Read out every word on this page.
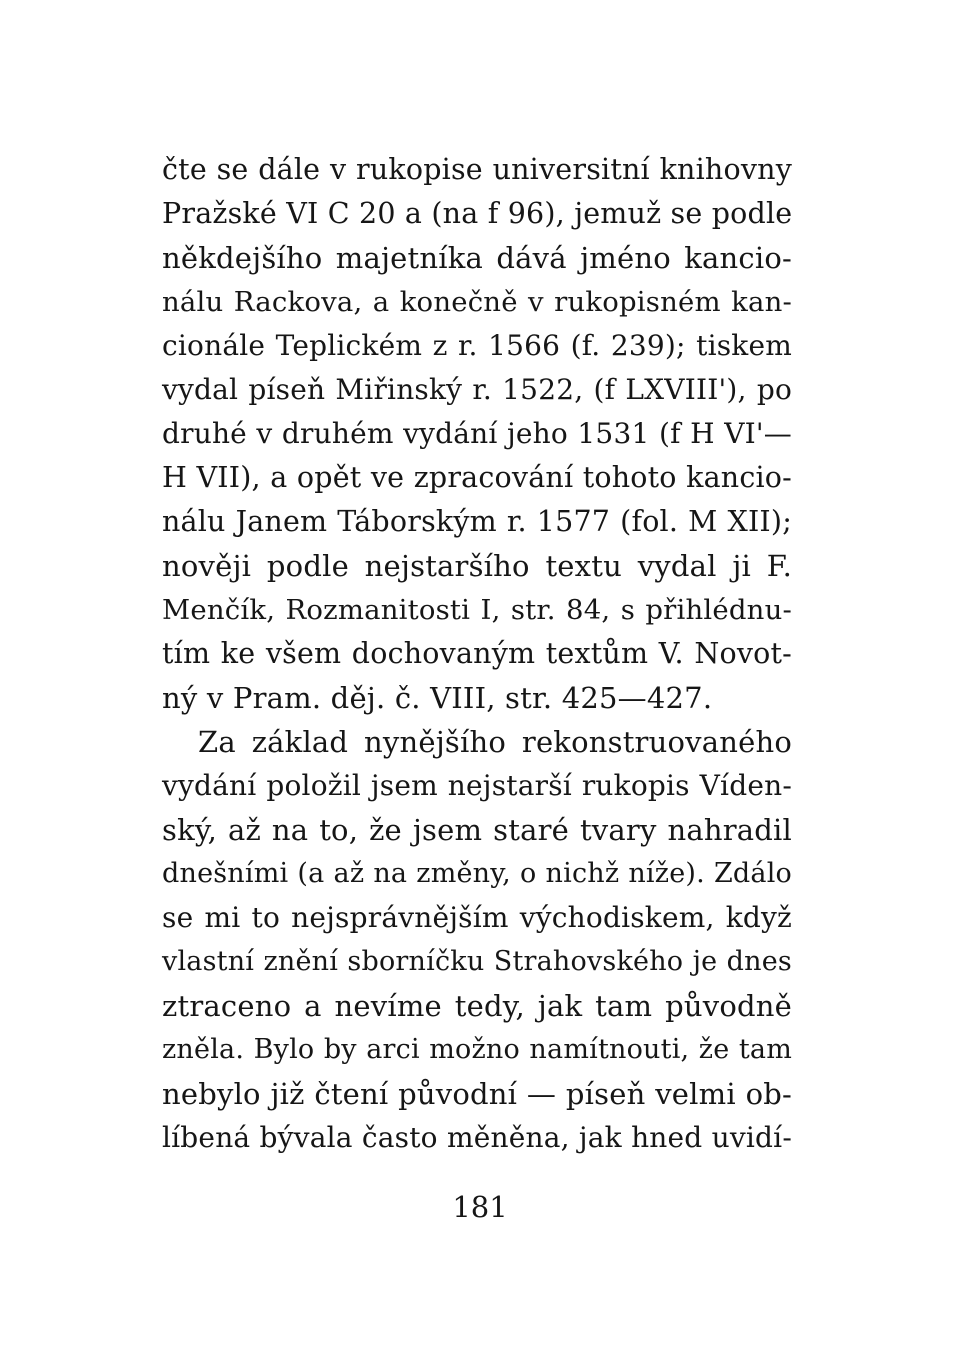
čte se dále v rukopise universitní knihovny
Pražské VI C 20 a (na f 96), jemuž se podle
někdejšího majetníka dává jméno kancio-
nálu Rackova, a konečně v rukopisném kan-
cionále Teplickém z r. 1566 (f. 239); tiskem
vydal píseň Miřinský r. 1522, (f LXVIII'), po
druhé v druhém vydání jeho 1531 (f H VI'—
H VII), a opět ve zpracování tohoto kancio-
nálu Janem Táborským r. 1577 (fol. M XII);
nověji podle nejstaršího textu vydal ji F.
Menčík, Rozmanitosti I, str. 84, s přihlédnu-
tím ke všem dochovaným textům V. Novot-
ný v Pram. děj. č. VIII, str. 425—427.
Za základ nynějšího rekonstruovaného
vydání položil jsem nejstarší rukopis Víden-
ský, až na to, že jsem staré tvary nahradil
dnešními (a až na změny, o nichž níže). Zdálo
se mi to nejsprávnějším východiskem, když
vlastní znění sborníčku Strahovského je dnes
ztraceno a nevíme tedy, jak tam původně
zněla. Bylo by arci možno namítnouti, že tam
nebylo již čtení původní — píseň velmi ob-
líbená bývala často měněna, jak hned uvidí-
181
